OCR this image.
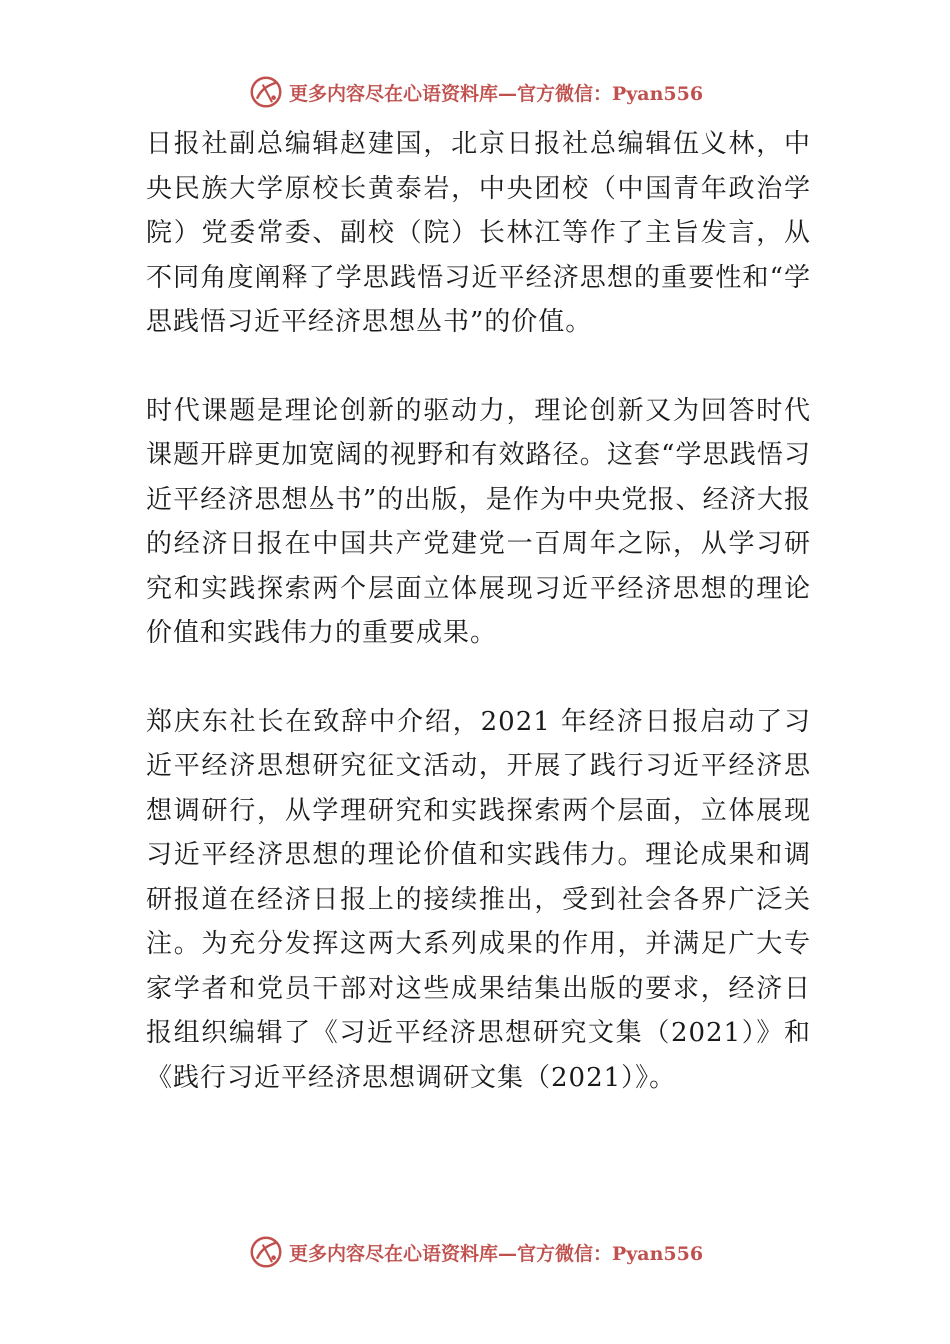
更多内容尽在心语资料库—官方微信：Pyan556

日报社副总编辑赵建国，北京日报社总编辑伍义林，中央民族大学原校长黄泰岩，中央团校（中国青年政治学院）党委常委、副校（院）长林江等作了主旨发言，从不同角度阐释了学思践悟习近平经济思想的重要性和“学思践悟习近平经济思想丛书”的价值。

时代课题是理论创新的驱动力，理论创新又为回答时代课题开辟更加宽阔的视野和有效路径。这套“学思践悟习近平经济思想丛书”的出版，是作为中央党报、经济大报的经济日报在中国共产党建党一百周年之际，从学习研究和实践探索两个层面立体展现习近平经济思想的理论价值和实践伟力的重要成果。

郑庆东社长在致辞中介绍，2021 年经济日报启动了习近平经济思想研究征文活动，开展了践行习近平经济思想调研行，从学理研究和实践探索两个层面，立体展现习近平经济思想的理论价值和实践伟力。理论成果和调研报道在经济日报上的接续推出，受到社会各界广泛关注。为充分发挥这两大系列成果的作用，并满足广大专家学者和党员干部对这些成果结集出版的要求，经济日报组织编辑了《习近平经济思想研究文集（2021）》和《践行习近平经济思想调研文集（2021）》。

更多内容尽在心语资料库—官方微信：Pyan556
